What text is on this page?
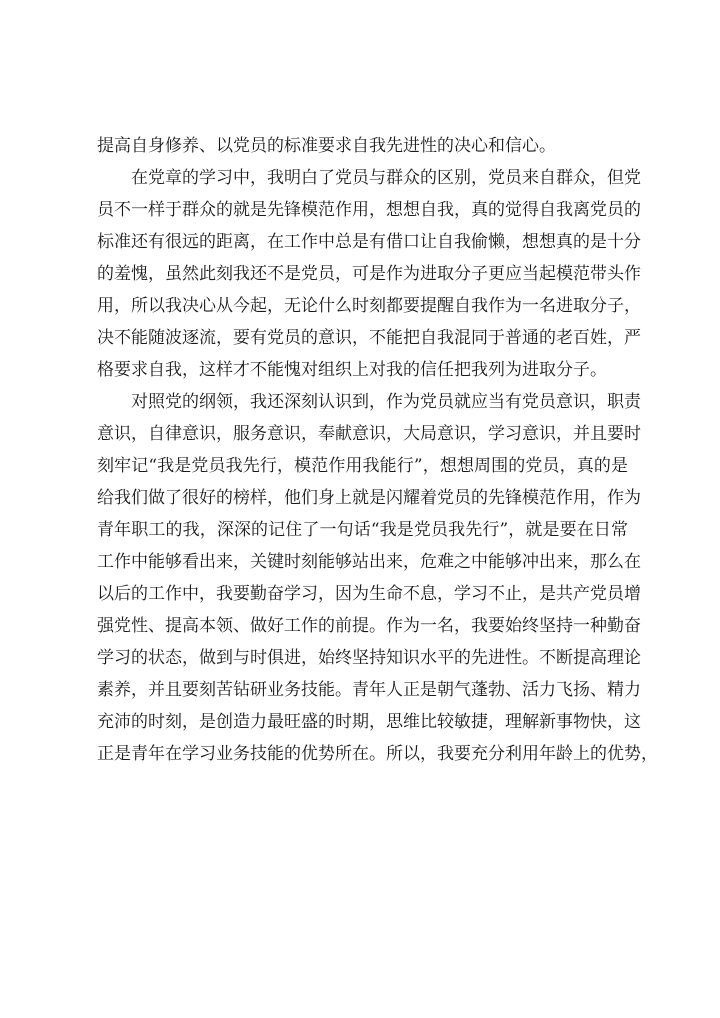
提高自身修养、以党员的标准要求自我先进性的决心和信心。
在党章的学习中，我明白了党员与群众的区别，党员来自群众，但党
员不一样于群众的就是先锋模范作用，想想自我，真的觉得自我离党员的
标准还有很远的距离，在工作中总是有借口让自我偷懒，想想真的是十分
的羞愧，虽然此刻我还不是党员，可是作为进取分子更应当起模范带头作
用，所以我决心从今起，无论什么时刻都要提醒自我作为一名进取分子，
决不能随波逐流，要有党员的意识，不能把自我混同于普通的老百姓，严
格要求自我，这样才不能愧对组织上对我的信任把我列为进取分子。
对照党的纲领，我还深刻认识到，作为党员就应当有党员意识，职责
意识，自律意识，服务意识，奉献意识，大局意识，学习意识，并且要时
刻牢记“我是党员我先行，模范作用我能行”，想想周围的党员，真的是
给我们做了很好的榜样，他们身上就是闪耀着党员的先锋模范作用，作为
青年职工的我，深深的记住了一句话“我是党员我先行”，就是要在日常
工作中能够看出来，关键时刻能够站出来，危难之中能够冲出来，那么在
以后的工作中，我要勤奋学习，因为生命不息，学习不止，是共产党员增
强党性、提高本领、做好工作的前提。作为一名，我要始终坚持一种勤奋
学习的状态，做到与时俱进，始终坚持知识水平的先进性。不断提高理论
素养，并且要刻苦钻研业务技能。青年人正是朝气蓬勃、活力飞扬、精力
充沛的时刻，是创造力最旺盛的时期，思维比较敏捷，理解新事物快，这
正是青年在学习业务技能的优势所在。所以，我要充分利用年龄上的优势，
